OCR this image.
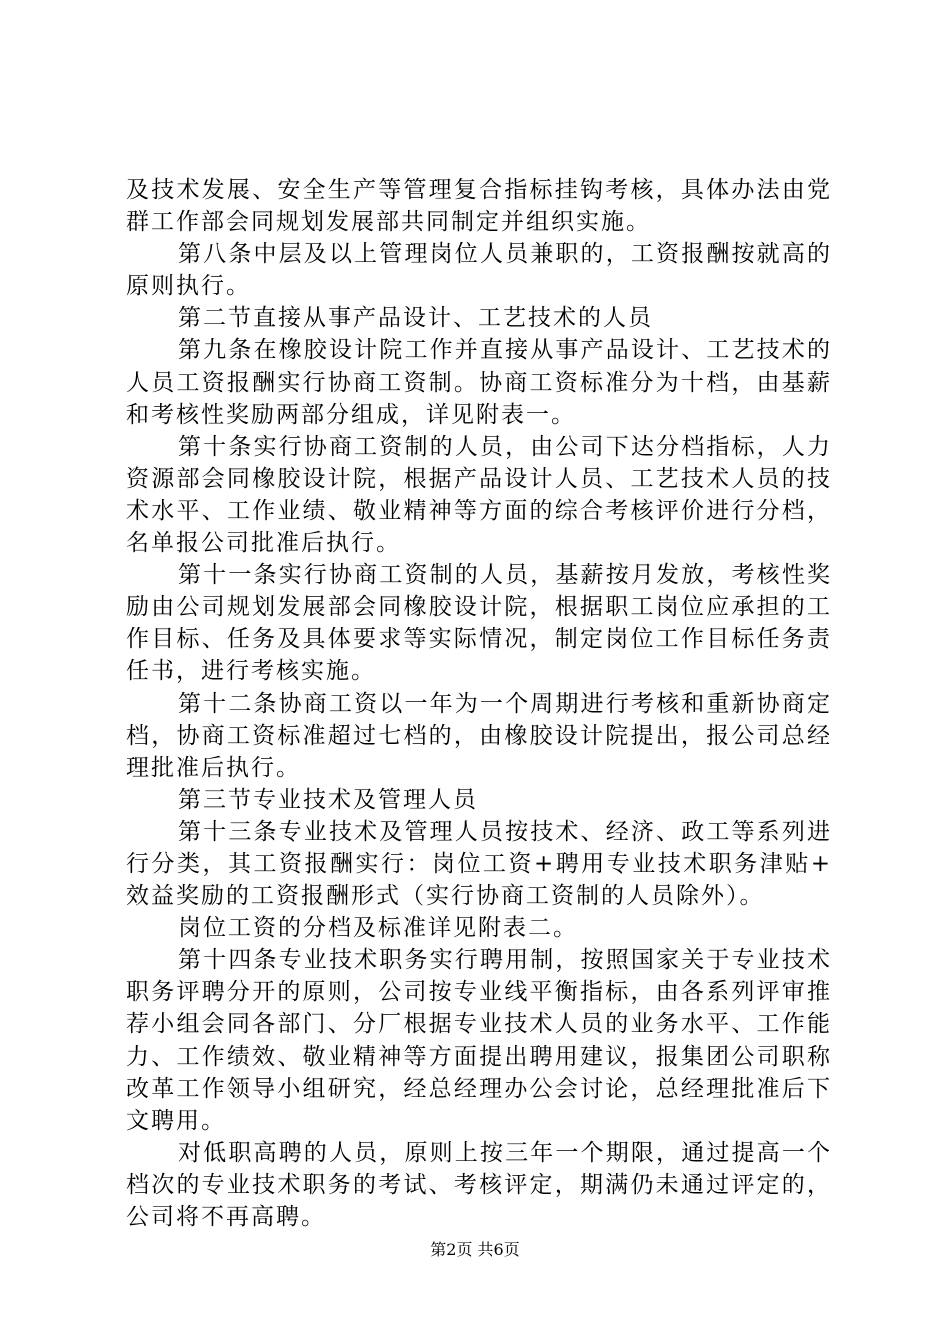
及技术发展、安全生产等管理复合指标挂钩考核，具体办法由党群工作部会同规划发展部共同制定并组织实施。

第八条中层及以上管理岗位人员兼职的，工资报酬按就高的原则执行。

第二节直接从事产品设计、工艺技术的人员

第九条在橡胶设计院工作并直接从事产品设计、工艺技术的人员工资报酬实行协商工资制。协商工资标准分为十档，由基薪和考核性奖励两部分组成，详见附表一。

第十条实行协商工资制的人员，由公司下达分档指标，人力资源部会同橡胶设计院，根据产品设计人员、工艺技术人员的技术水平、工作业绩、敬业精神等方面的综合考核评价进行分档，名单报公司批准后执行。

第十一条实行协商工资制的人员，基薪按月发放，考核性奖励由公司规划发展部会同橡胶设计院，根据职工岗位应承担的工作目标、任务及具体要求等实际情况，制定岗位工作目标任务责任书，进行考核实施。

第十二条协商工资以一年为一个周期进行考核和重新协商定档，协商工资标准超过七档的，由橡胶设计院提出，报公司总经理批准后执行。

第三节专业技术及管理人员

第十三条专业技术及管理人员按技术、经济、政工等系列进行分类，其工资报酬实行：岗位工资+聘用专业技术职务津贴+效益奖励的工资报酬形式（实行协商工资制的人员除外）。

岗位工资的分档及标准详见附表二。

第十四条专业技术职务实行聘用制，按照国家关于专业技术职务评聘分开的原则，公司按专业线平衡指标，由各系列评审推荐小组会同各部门、分厂根据专业技术人员的业务水平、工作能力、工作绩效、敬业精神等方面提出聘用建议，报集团公司职称改革工作领导小组研究，经总经理办公会讨论，总经理批准后下文聘用。

对低职高聘的人员，原则上按三年一个期限，通过提高一个档次的专业技术职务的考试、考核评定，期满仍未通过评定的，公司将不再高聘。

第2页 共6页
